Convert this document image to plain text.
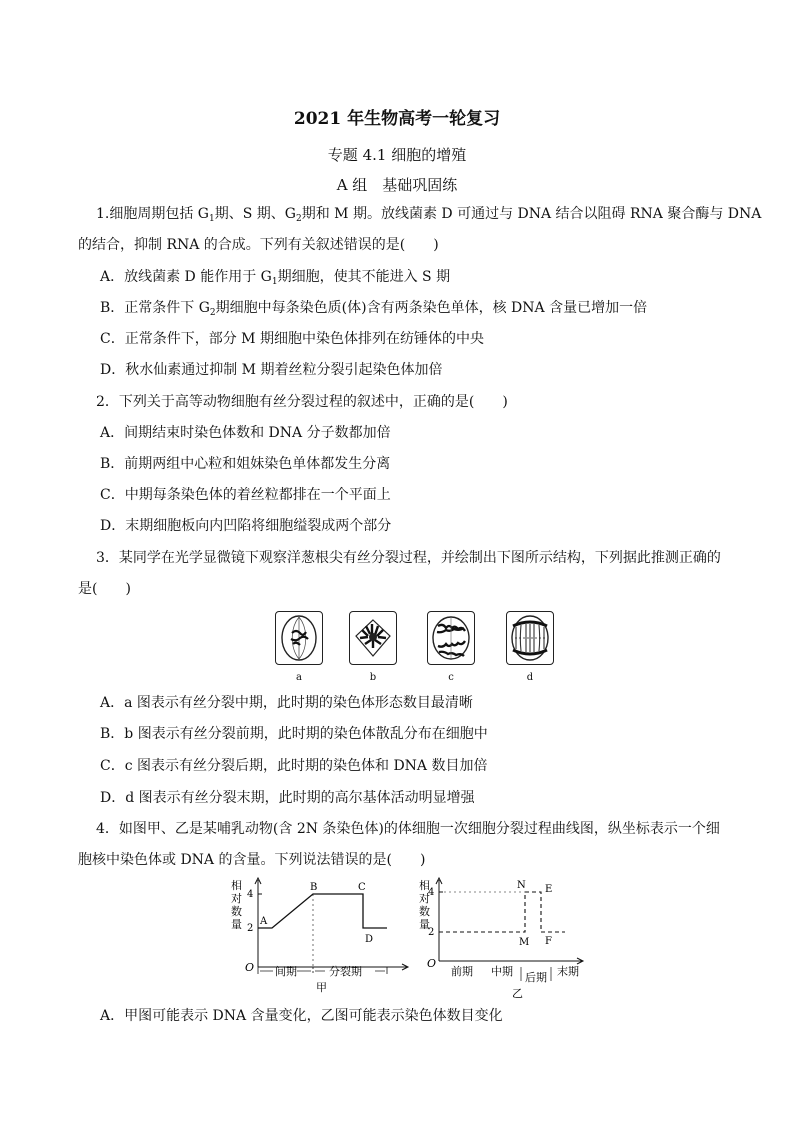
2021 年生物高考一轮复习
专题 4.1 细胞的增殖
A 组　基础巩固练
1.细胞周期包括 $G_1$期、S 期、$G_2$期和 M 期。放线菌素 D 可通过与 DNA 结合以阻碍 RNA 聚合酶与 DNA
的结合，抑制 RNA 的合成。下列有关叙述错误的是(　　)
A．放线菌素 D 能作用于 $G_1$期细胞，使其不能进入 S 期
B．正常条件下 $G_2$期细胞中每条染色质(体)含有两条染色单体，核 DNA 含量已增加一倍
C．正常条件下，部分 M 期细胞中染色体排列在纺锤体的中央
D．秋水仙素通过抑制 M 期着丝粒分裂引起染色体加倍
2．下列关于高等动物细胞有丝分裂过程的叙述中，正确的是(　　)
A．间期结束时染色体数和 DNA 分子数都加倍
B．前期两组中心粒和姐妹染色单体都发生分离
C．中期每条染色体的着丝粒都排在一个平面上
D．末期细胞板向内凹陷将细胞缢裂成两个部分
3．某同学在光学显微镜下观察洋葱根尖有丝分裂过程，并绘制出下图所示结构，下列据此推测正确的
是(　　)
a	b	c	d
A．a 图表示有丝分裂中期，此时期的染色体形态数目最清晰
B．b 图表示有丝分裂前期，此时期的染色体散乱分布在细胞中
C．c 图表示有丝分裂后期，此时期的染色体和 DNA 数目加倍
D．d 图表示有丝分裂末期，此时期的高尔基体活动明显增强
4．如图甲、乙是某哺乳动物(含 2N 条染色体)的体细胞一次细胞分裂过程曲线图，纵坐标表示一个细
胞核中染色体或 DNA 的含量。下列说法错误的是(　　)
相
对
数
量
O
2
4
A
B	C
D
间期	分裂期
甲
相
对
数
量
O
2
4
M
N E
F
前期 中期 后期 末期
乙
A．甲图可能表示 DNA 含量变化，乙图可能表示染色体数目变化
